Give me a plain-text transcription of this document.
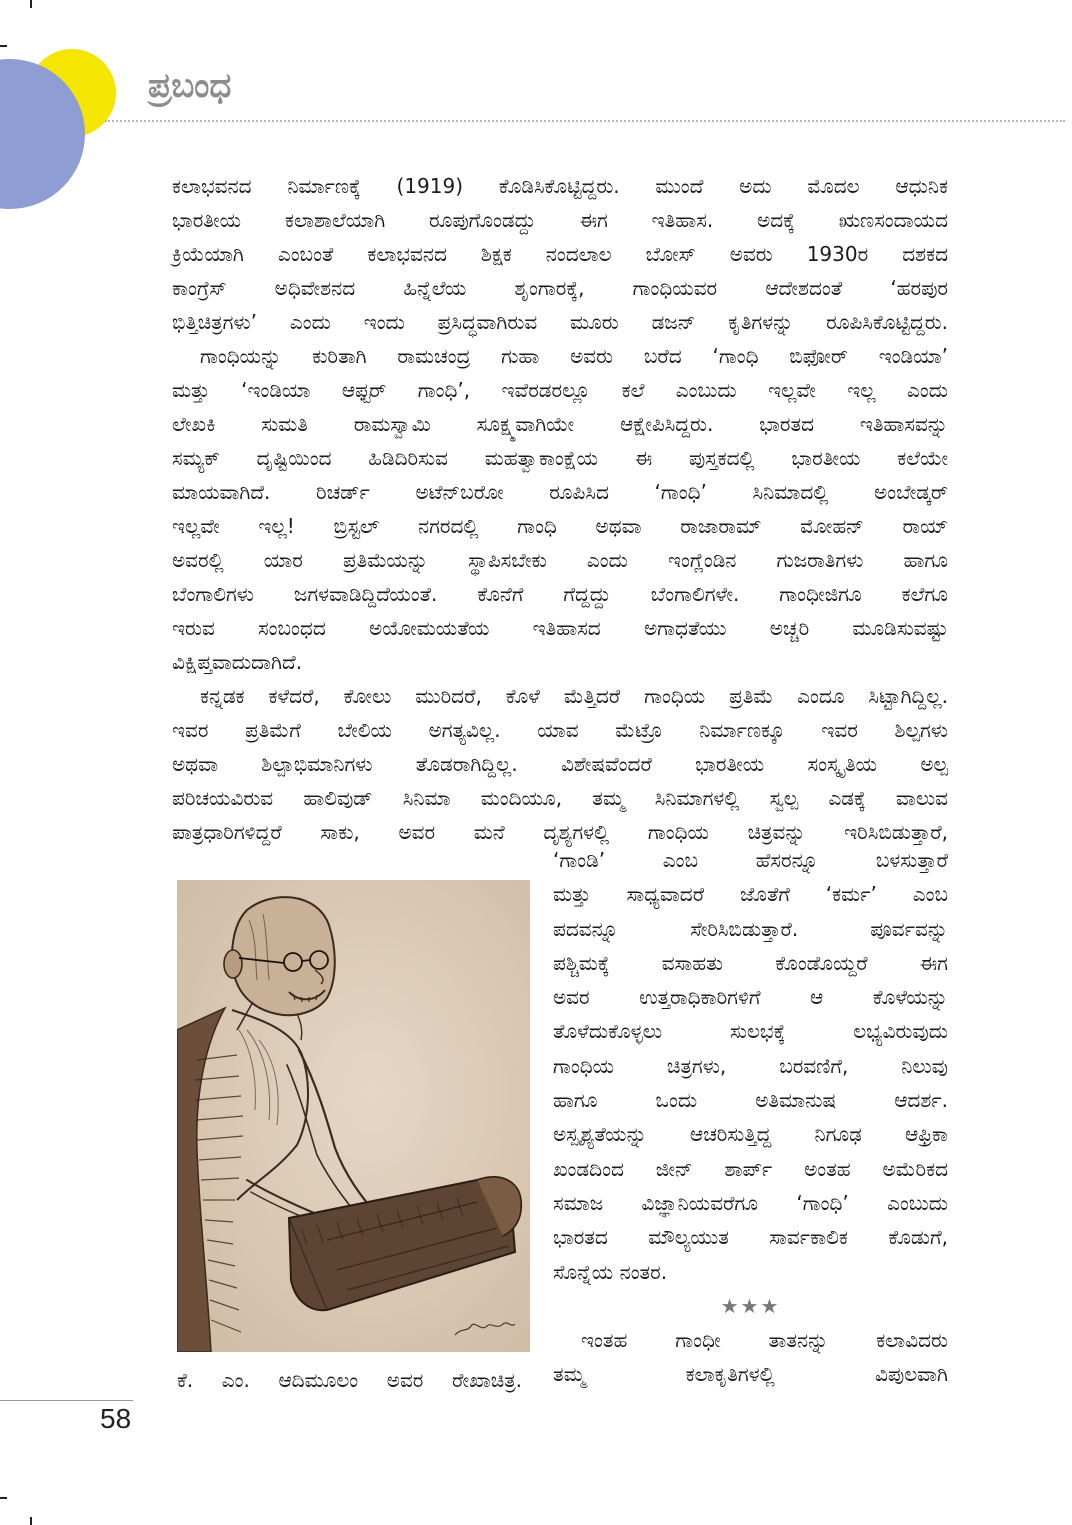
ಪ್ರಬಂಧ
ಕಲಾಭವನದ ನಿರ್ಮಾಣಕ್ಕೆ (1919) ಕೊಡಿಸಿಕೊಟ್ಟಿದ್ದರು. ಮುಂದೆ ಅದು ಮೊದಲ ಆಧುನಿಕ
ಭಾರತೀಯ ಕಲಾಶಾಲೆಯಾಗಿ ರೂಪುಗೊಂಡದ್ದು ಈಗ ಇತಿಹಾಸ. ಅದಕ್ಕೆ ಋಣಸಂದಾಯದ
ಕ್ರಿಯೆಯಾಗಿ ಎಂಬಂತೆ ಕಲಾಭವನದ ಶಿಕ್ಷಕ ನಂದಲಾಲ ಬೋಸ್ ಅವರು 1930ರ ದಶಕದ
ಕಾಂಗ್ರೆಸ್ ಅಧಿವೇಶನದ ಹಿನ್ನೆಲೆಯ ಶೃಂಗಾರಕ್ಕೆ, ಗಾಂಧಿಯವರ ಆದೇಶದಂತೆ ‘ಹರಪುರ
ಭಿತ್ತಿಚಿತ್ರಗಳು’ ಎಂದು ಇಂದು ಪ್ರಸಿದ್ಧವಾಗಿರುವ ಮೂರು ಡಜನ್ ಕೃತಿಗಳನ್ನು ರೂಪಿಸಿಕೊಟ್ಟಿದ್ದರು.
ಗಾಂಧಿಯನ್ನು ಕುರಿತಾಗಿ ರಾಮಚಂದ್ರ ಗುಹಾ ಅವರು ಬರೆದ ‘ಗಾಂಧಿ ಬಿಫೋರ್ ಇಂಡಿಯಾ’
ಮತ್ತು ‘ಇಂಡಿಯಾ ಆಫ್ಟರ್ ಗಾಂಧಿ’, ಇವೆರಡರಲ್ಲೂ ಕಲೆ ಎಂಬುದು ಇಲ್ಲವೇ ಇಲ್ಲ ಎಂದು
ಲೇಖಕಿ ಸುಮತಿ ರಾಮಸ್ವಾಮಿ ಸೂಕ್ಷ್ಮವಾಗಿಯೇ ಆಕ್ಷೇಪಿಸಿದ್ದರು. ಭಾರತದ ಇತಿಹಾಸವನ್ನು
ಸಮ್ಯಕ್ ದೃಷ್ಟಿಯಿಂದ ಹಿಡಿದಿರಿಸುವ ಮಹತ್ವಾಕಾಂಕ್ಷೆಯ ಈ ಪುಸ್ತಕದಲ್ಲಿ ಭಾರತೀಯ ಕಲೆಯೇ
ಮಾಯವಾಗಿದೆ. ರಿಚರ್ಡ್ ಅಟೆನ್‌ಬರೋ ರೂಪಿಸಿದ ‘ಗಾಂಧಿ’ ಸಿನಿಮಾದಲ್ಲಿ ಅಂಬೇಡ್ಕರ್
ಇಲ್ಲವೇ ಇಲ್ಲ! ಬ್ರಿಸ್ಟಲ್ ನಗರದಲ್ಲಿ ಗಾಂಧಿ ಅಥವಾ ರಾಜಾರಾಮ್ ಮೋಹನ್ ರಾಯ್
ಅವರಲ್ಲಿ ಯಾರ ಪ್ರತಿಮೆಯನ್ನು ಸ್ಥಾಪಿಸಬೇಕು ಎಂದು ಇಂಗ್ಲೆಂಡಿನ ಗುಜರಾತಿಗಳು ಹಾಗೂ
ಬೆಂಗಾಲಿಗಳು ಜಗಳವಾಡಿದ್ದಿದೆಯಂತೆ. ಕೊನೆಗೆ ಗೆದ್ದದ್ದು ಬೆಂಗಾಲಿಗಳೇ. ಗಾಂಧೀಜಿಗೂ ಕಲೆಗೂ
ಇರುವ ಸಂಬಂಧದ ಅಯೋಮಯತೆಯ ಇತಿಹಾಸದ ಅಗಾಧತೆಯು ಅಚ್ಚರಿ ಮೂಡಿಸುವಷ್ಟು
ವಿಕ್ಷಿಪ್ತವಾದುದಾಗಿದೆ.
ಕನ್ನಡಕ ಕಳೆದರೆ, ಕೋಲು ಮುರಿದರೆ, ಕೊಳೆ ಮೆತ್ತಿದರೆ ಗಾಂಧಿಯ ಪ್ರತಿಮೆ ಎಂದೂ ಸಿಟ್ಟಾಗಿದ್ದಿಲ್ಲ.
ಇವರ ಪ್ರತಿಮೆಗೆ ಬೇಲಿಯ ಅಗತ್ಯವಿಲ್ಲ. ಯಾವ ಮೆಟ್ರೊ ನಿರ್ಮಾಣಕ್ಕೂ ಇವರ ಶಿಲ್ಪಗಳು
ಅಥವಾ ಶಿಲ್ಪಾಭಿಮಾನಿಗಳು ತೊಡರಾಗಿದ್ದಿಲ್ಲ. ವಿಶೇಷವೆಂದರೆ ಭಾರತೀಯ ಸಂಸ್ಕೃತಿಯ ಅಲ್ಪ
ಪರಿಚಯವಿರುವ ಹಾಲಿವುಡ್ ಸಿನಿಮಾ ಮಂದಿಯೂ, ತಮ್ಮ ಸಿನಿಮಾಗಳಲ್ಲಿ ಸ್ವಲ್ಪ ಎಡಕ್ಕೆ ವಾಲುವ
ಪಾತ್ರಧಾರಿಗಳಿದ್ದರೆ ಸಾಕು, ಅವರ ಮನೆ ದೃಶ್ಯಗಳಲ್ಲಿ ಗಾಂಧಿಯ ಚಿತ್ರವನ್ನು ಇರಿಸಿಬಿಡುತ್ತಾರೆ,
ಕೆ. ಎಂ. ಆದಿಮೂಲಂ ಅವರ ರೇಖಾಚಿತ್ರ.
‘ಗಾಂಡಿ’ ಎಂಬ ಹೆಸರನ್ನೂ ಬಳಸುತ್ತಾರೆ
ಮತ್ತು ಸಾಧ್ಯವಾದರೆ ಜೊತೆಗೆ ‘ಕರ್ಮ’ ಎಂಬ
ಪದವನ್ನೂ ಸೇರಿಸಿಬಿಡುತ್ತಾರೆ. ಪೂರ್ವವನ್ನು
ಪಶ್ಚಿಮಕ್ಕೆ ವಸಾಹತು ಕೊಂಡೊಯ್ದರೆ ಈಗ
ಅವರ ಉತ್ತರಾಧಿಕಾರಿಗಳಿಗೆ ಆ ಕೊಳೆಯನ್ನು
ತೊಳೆದುಕೊಳ್ಳಲು ಸುಲಭಕ್ಕೆ ಲಭ್ಯವಿರುವುದು
ಗಾಂಧಿಯ ಚಿತ್ರಗಳು, ಬರವಣಿಗೆ, ನಿಲುವು
ಹಾಗೂ ಒಂದು ಅತಿಮಾನುಷ ಆದರ್ಶ.
ಅಸ್ಪೃಶ್ಯತೆಯನ್ನು ಆಚರಿಸುತ್ತಿದ್ದ ನಿಗೂಢ ಆಫ್ರಿಕಾ
ಖಂಡದಿಂದ ಜೀನ್ ಶಾರ್ಪ್ ಅಂತಹ ಅಮೆರಿಕದ
ಸಮಾಜ ವಿಜ್ಞಾನಿಯವರೆಗೂ ‘ಗಾಂಧಿ’ ಎಂಬುದು
ಭಾರತದ ಮೌಲ್ಯಯುತ ಸಾರ್ವಕಾಲಿಕ ಕೊಡುಗೆ,
ಸೊನ್ನೆಯ ನಂತರ.
★★★
ಇಂತಹ ಗಾಂಧೀ ತಾತನನ್ನು ಕಲಾವಿದರು
ತಮ್ಮ ಕಲಾಕೃತಿಗಳಲ್ಲಿ ವಿಪುಲವಾಗಿ
58
